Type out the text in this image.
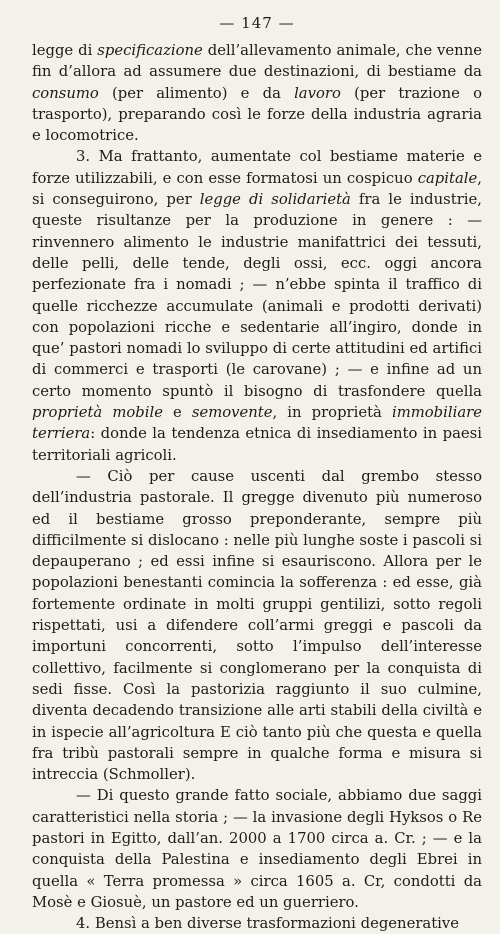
— 147 —

legge di specificazione dell’allevamento animale, che venne fin d’allora ad assumere due destinazioni, di bestiame da consumo (per alimento) e da lavoro (per trazione o trasporto), preparando così le forze della industria agraria e locomotrice.

3. Ma frattanto, aumentate col bestiame materie e forze utilizzabili, e con esse formatosi un cospicuo capitale, si conseguirono, per legge di solidarietà fra le industrie, queste risultanze per la produzione in genere : — rinvennero alimento le industrie manifattrici dei tessuti, delle pelli, delle tende, degli ossi, ecc. oggi ancora perfezionate fra i nomadi ; — n’ebbe spinta il traffico di quelle ricchezze accumulate (animali e prodotti derivati) con popolazioni ricche e sedentarie all’ingiro, donde in que’ pastori nomadi lo sviluppo di certe attitudini ed artifici di commerci e trasporti (le carovane) ; — e infine ad un certo momento spuntò il bisogno di trasfondere quella proprietà mobile e semovente, in proprietà immobiliare terriera: donde la tendenza etnica di insediamento in paesi territoriali agricoli.

— Ciò per cause uscenti dal grembo stesso dell’industria pastorale. Il gregge divenuto più numeroso ed il bestiame grosso preponderante, sempre più difficilmente si dislocano : nelle più lunghe soste i pascoli si depauperano ; ed essi infine si esauriscono. Allora per le popolazioni benestanti comincia la sofferenza : ed esse, già fortemente ordinate in molti gruppi gentilizi, sotto regoli rispettati, usi a difendere coll’armi greggi e pascoli da importuni concorrenti, sotto l’impulso dell’interesse collettivo, facilmente si conglomerano per la conquista di sedi fisse. Così la pastorizia raggiunto il suo culmine, diventa decadendo transizione alle arti stabili della civiltà e in ispecie all’agricoltura E ciò tanto più che questa e quella fra tribù pastorali sempre in qualche forma e misura si intreccia (Schmoller).

— Di questo grande fatto sociale, abbiamo due saggi caratteristici nella storia ; — la invasione degli Hyksos o Re pastori in Egitto, dall’an. 2000 a 1700 circa a. Cr. ; — e la conquista della Palestina e insediamento degli Ebrei in quella « Terra promessa » circa 1605 a. Cr, condotti da Mosè e Giosuè, un pastore ed un guerriero.

4. Bensì a ben diverse trasformazioni degenerative
